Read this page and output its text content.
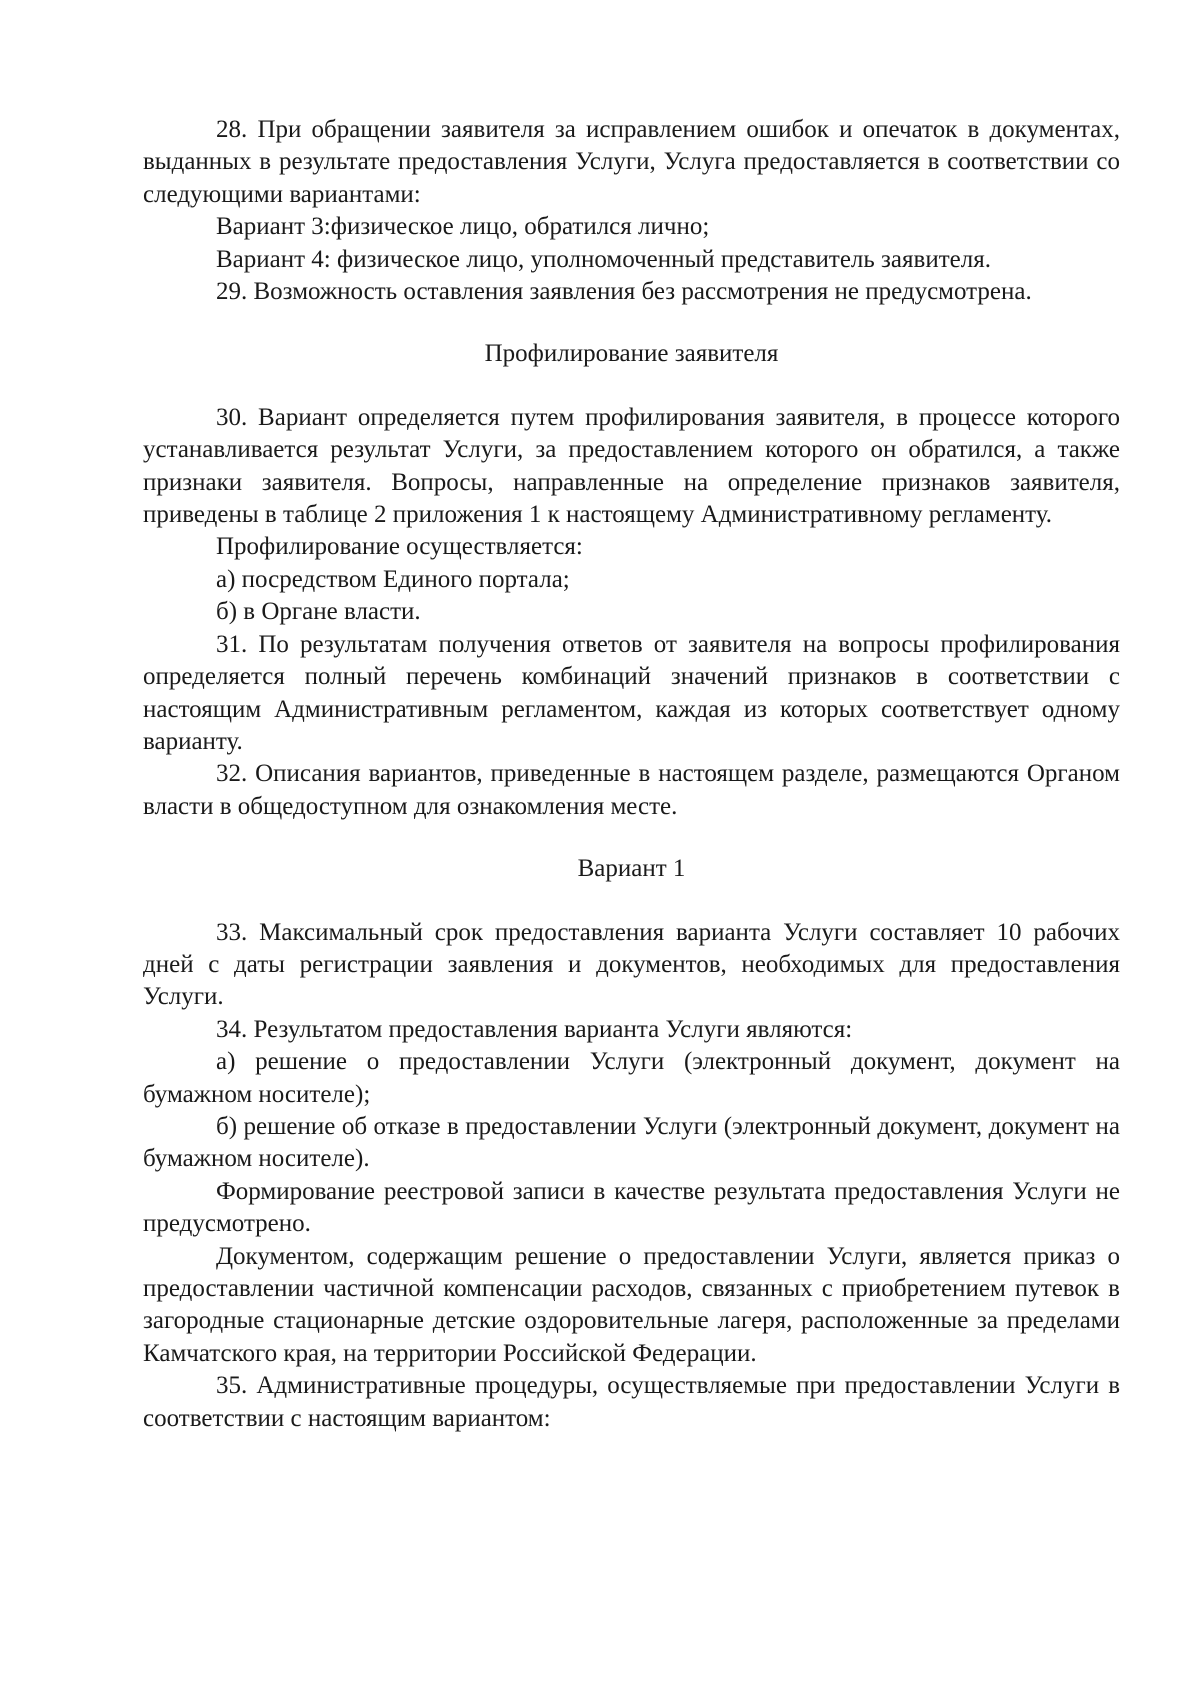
28. При обращении заявителя за исправлением ошибок и опечаток в документах, выданных в результате предоставления Услуги, Услуга предоставляется в соответствии со следующими вариантами:

Вариант 3:физическое лицо, обратился лично;

Вариант 4: физическое лицо, уполномоченный представитель заявителя.

29. Возможность оставления заявления без рассмотрения не предусмотрена.

Профилирование заявителя

30. Вариант определяется путем профилирования заявителя, в процессе которого устанавливается результат Услуги, за предоставлением которого он обратился, а также признаки заявителя. Вопросы, направленные на определение признаков заявителя, приведены в таблице 2 приложения 1 к настоящему Административному регламенту.

Профилирование осуществляется:

а) посредством Единого портала;

б) в Органе власти.

31. По результатам получения ответов от заявителя на вопросы профилирования определяется полный перечень комбинаций значений признаков в соответствии с настоящим Административным регламентом, каждая из которых соответствует одному варианту.

32. Описания вариантов, приведенные в настоящем разделе, размещаются Органом власти в общедоступном для ознакомления месте.

Вариант 1

33. Максимальный срок предоставления варианта Услуги составляет 10 рабочих дней с даты регистрации заявления и документов, необходимых для предоставления Услуги.

34. Результатом предоставления варианта Услуги являются:

а) решение о предоставлении Услуги (электронный документ, документ на бумажном носителе);

б) решение об отказе в предоставлении Услуги (электронный документ, документ на бумажном носителе).

Формирование реестровой записи в качестве результата предоставления Услуги не предусмотрено.

Документом, содержащим решение о предоставлении Услуги, является приказ о предоставлении частичной компенсации расходов, связанных с приобретением путевок в загородные стационарные детские оздоровительные лагеря, расположенные за пределами Камчатского края, на территории Российской Федерации.

35. Административные процедуры, осуществляемые при предоставлении Услуги в соответствии с настоящим вариантом:
